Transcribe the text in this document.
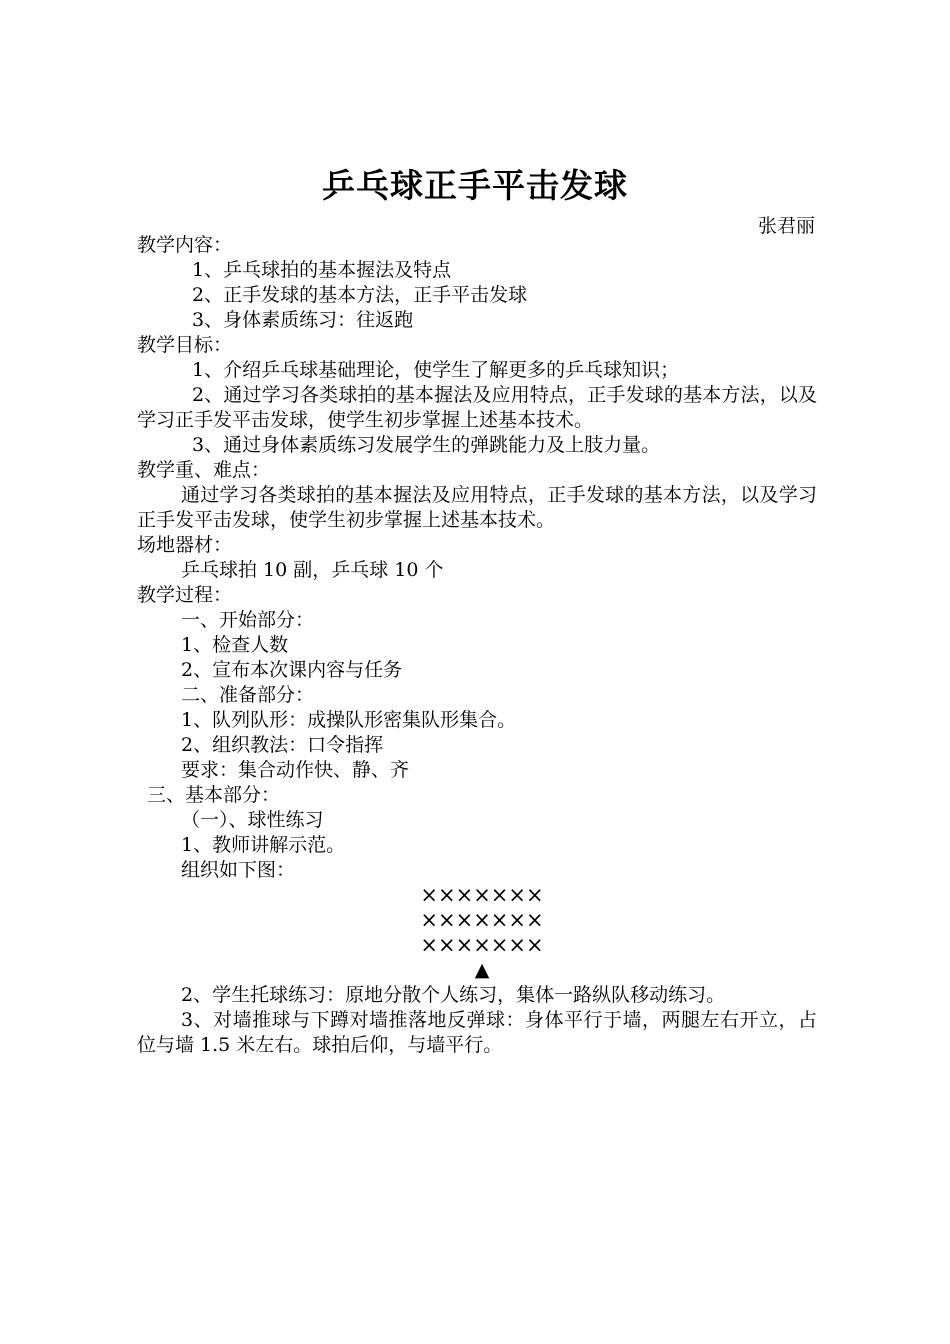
乒乓球正手平击发球
张君丽

教学内容：

1、乒乓球拍的基本握法及特点

2、正手发球的基本方法，正手平击发球

3、身体素质练习：往返跑

教学目标：

1、介绍乒乓球基础理论，使学生了解更多的乒乓球知识；

2、通过学习各类球拍的基本握法及应用特点，正手发球的基本方法，以及学习正手发平击发球，使学生初步掌握上述基本技术。

3、通过身体素质练习发展学生的弹跳能力及上肢力量。

教学重、难点：

通过学习各类球拍的基本握法及应用特点，正手发球的基本方法，以及学习正手发平击发球，使学生初步掌握上述基本技术。

场地器材：

乒乓球拍 10 副，乒乓球 10 个

教学过程：

一、开始部分：

1、检查人数

2、宣布本次课内容与任务

二、准备部分：

1、队列队形：成操队形密集队形集合。

2、组织教法：口令指挥

要求：集合动作快、静、齐

三、基本部分：

（一）、球性练习

1、教师讲解示范。

组织如下图：

×××××××
×××××××
×××××××
▲

2、学生托球练习：原地分散个人练习，集体一路纵队移动练习。

3、对墙推球与下蹲对墙推落地反弹球：身体平行于墙，两腿左右开立，占位与墙 1.5 米左右。球拍后仰，与墙平行。
